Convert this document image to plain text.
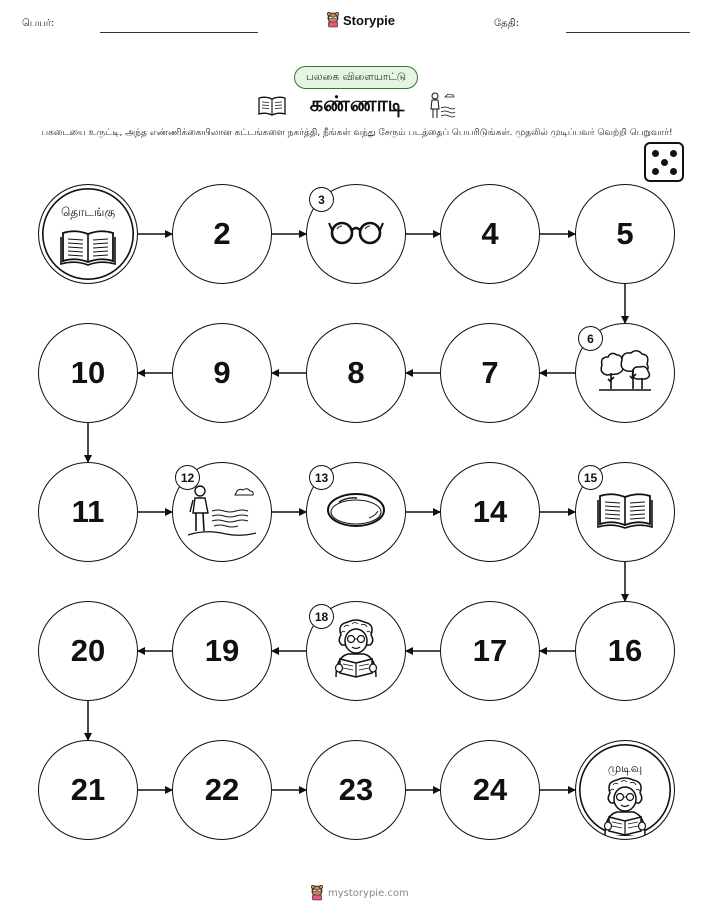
பெயர்:	Storypie	தேதி:
பலகை விளையாட்டு
கண்ணாடி
பகடையை உருட்டி, அந்த எண்ணிக்கையிலான கட்டங்களை நகர்த்தி, நீங்கள் வந்து சேரும் படத்தைப் பெயரிடுங்கள். முதலில் முடிப்பவர் வெற்றி பெறுவார்!
தொடங்கு
2
3
4	5
6
7
8
9
10
11
12	13
14
15
16
17
18
19
20
21	22	23	24
முடிவு
mystorypie.com
